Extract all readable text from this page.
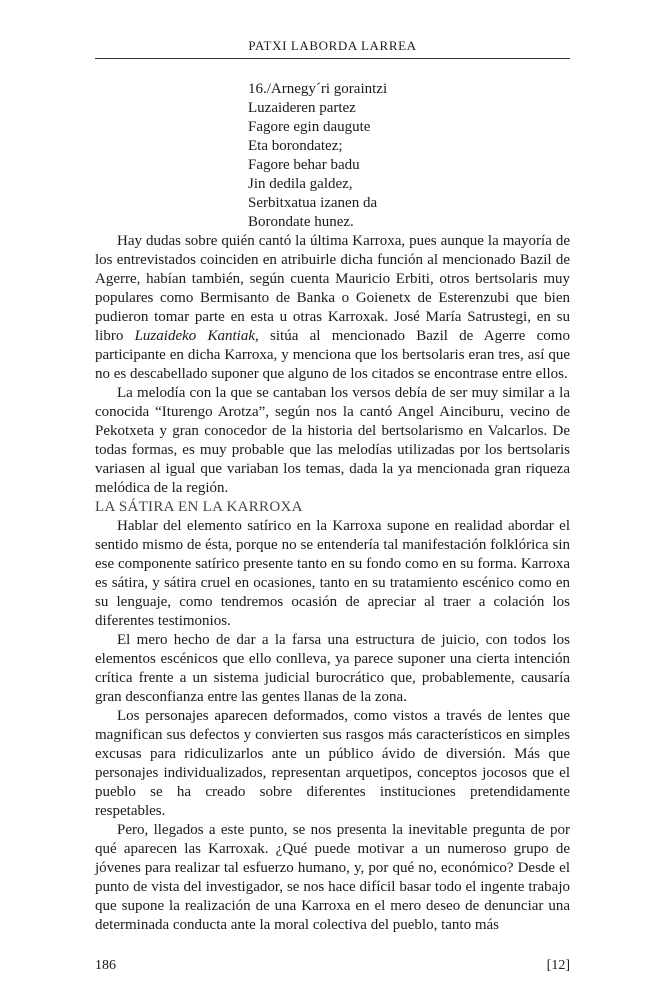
PATXI LABORDA LARREA
16./Arnegy´ri goraintzi
Luzaideren partez
Fagore egin daugute
Eta borondatez;
Fagore behar badu
Jin dedila galdez,
Serbitxatua izanen da
Borondate hunez.

Hay dudas sobre quién cantó la última Karroxa, pues aunque la mayoría de los entrevistados coinciden en atribuirle dicha función al mencionado Bazil de Agerre, habían también, según cuenta Mauricio Erbiti, otros bertsolaris muy populares como Bermisanto de Banka o Goienetx de Esterenzubi que bien pudieron tomar parte en esta u otras Karroxak. José María Satrustegi, en su libro Luzaideko Kantiak, sitúa al mencionado Bazil de Agerre como participante en dicha Karroxa, y menciona que los bertsolaris eran tres, así que no es descabellado suponer que alguno de los citados se encontrase entre ellos.

La melodía con la que se cantaban los versos debía de ser muy similar a la conocida “Iturengo Arotza”, según nos la cantó Angel Ainciburu, vecino de Pekotxeta y gran conocedor de la historia del bertsolarismo en Valcarlos. De todas formas, es muy probable que las melodías utilizadas por los bertsolaris variasen al igual que variaban los temas, dada la ya mencionada gran riqueza melódica de la región.

LA SÁTIRA EN LA KARROXA

Hablar del elemento satírico en la Karroxa supone en realidad abordar el sentido mismo de ésta, porque no se entendería tal manifestación folklórica sin ese componente satírico presente tanto en su fondo como en su forma. Karroxa es sátira, y sátira cruel en ocasiones, tanto en su tratamiento escénico como en su lenguaje, como tendremos ocasión de apreciar al traer a colación los diferentes testimonios.

El mero hecho de dar a la farsa una estructura de juicio, con todos los elementos escénicos que ello conlleva, ya parece suponer una cierta intención crítica frente a un sistema judicial burocrático que, probablemente, causaría gran desconfianza entre las gentes llanas de la zona.

Los personajes aparecen deformados, como vistos a través de lentes que magnifican sus defectos y convierten sus rasgos más característicos en simples excusas para ridiculizarlos ante un público ávido de diversión. Más que personajes individualizados, representan arquetipos, conceptos jocosos que el pueblo se ha creado sobre diferentes instituciones pretendidamente respetables.

Pero, llegados a este punto, se nos presenta la inevitable pregunta de por qué aparecen las Karroxak. ¿Qué puede motivar a un numeroso grupo de jóvenes para realizar tal esfuerzo humano, y, por qué no, económico? Desde el punto de vista del investigador, se nos hace difícil basar todo el ingente trabajo que supone la realización de una Karroxa en el mero deseo de denunciar una determinada conducta ante la moral colectiva del pueblo, tanto más

186	[12]
